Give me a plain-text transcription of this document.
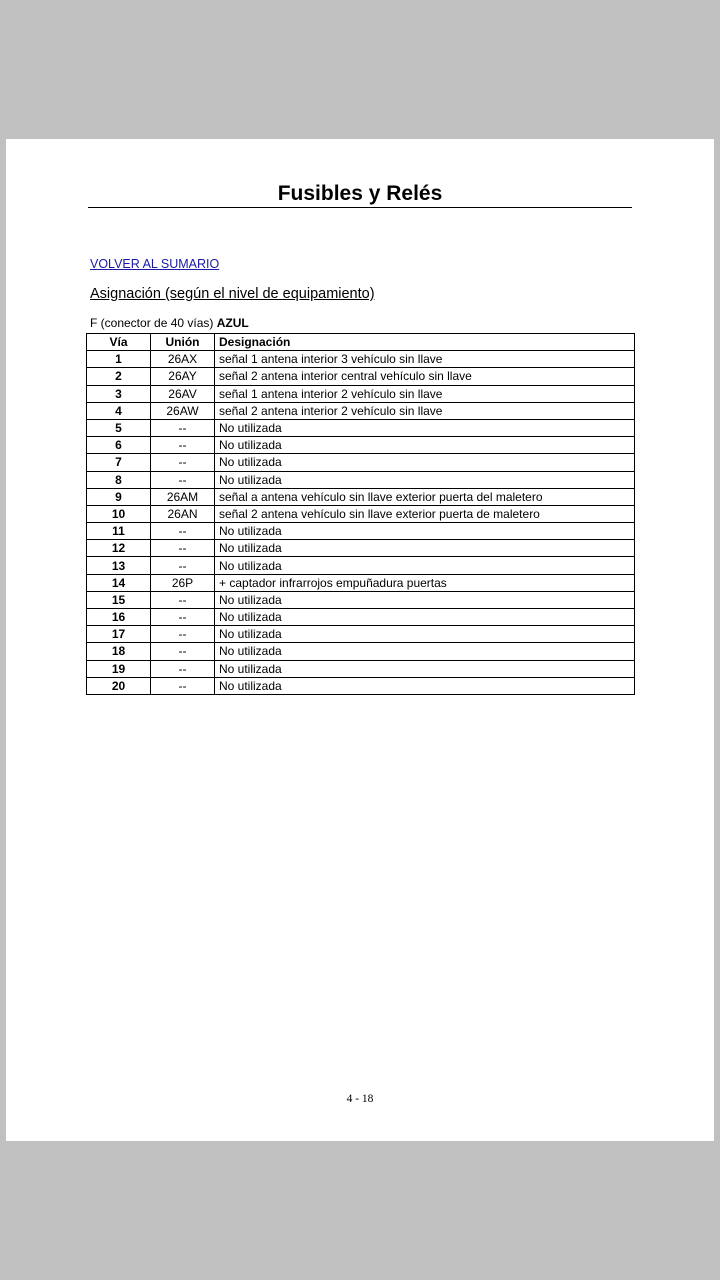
Fusibles y Relés
VOLVER AL SUMARIO
Asignación (según el nivel de equipamiento)
F (conector de 40 vías) AZUL
Vía	Unión	Designación
1	26AX	señal 1 antena interior 3 vehículo sin llave
2	26AY	señal 2 antena interior central vehículo sin llave
3	26AV	señal 1 antena interior 2 vehículo sin llave
4	26AW	señal 2 antena interior 2 vehículo sin llave
5	--	No utilizada
6	--	No utilizada
7	--	No utilizada
8	--	No utilizada
9	26AM	señal a antena vehículo sin llave exterior puerta del maletero
10	26AN	señal 2 antena vehículo sin llave exterior puerta de maletero
11	--	No utilizada
12	--	No utilizada
13	--	No utilizada
14	26P	+ captador infrarrojos empuñadura puertas
15	--	No utilizada
16	--	No utilizada
17	--	No utilizada
18	--	No utilizada
19	--	No utilizada
20	--	No utilizada
4 - 18
